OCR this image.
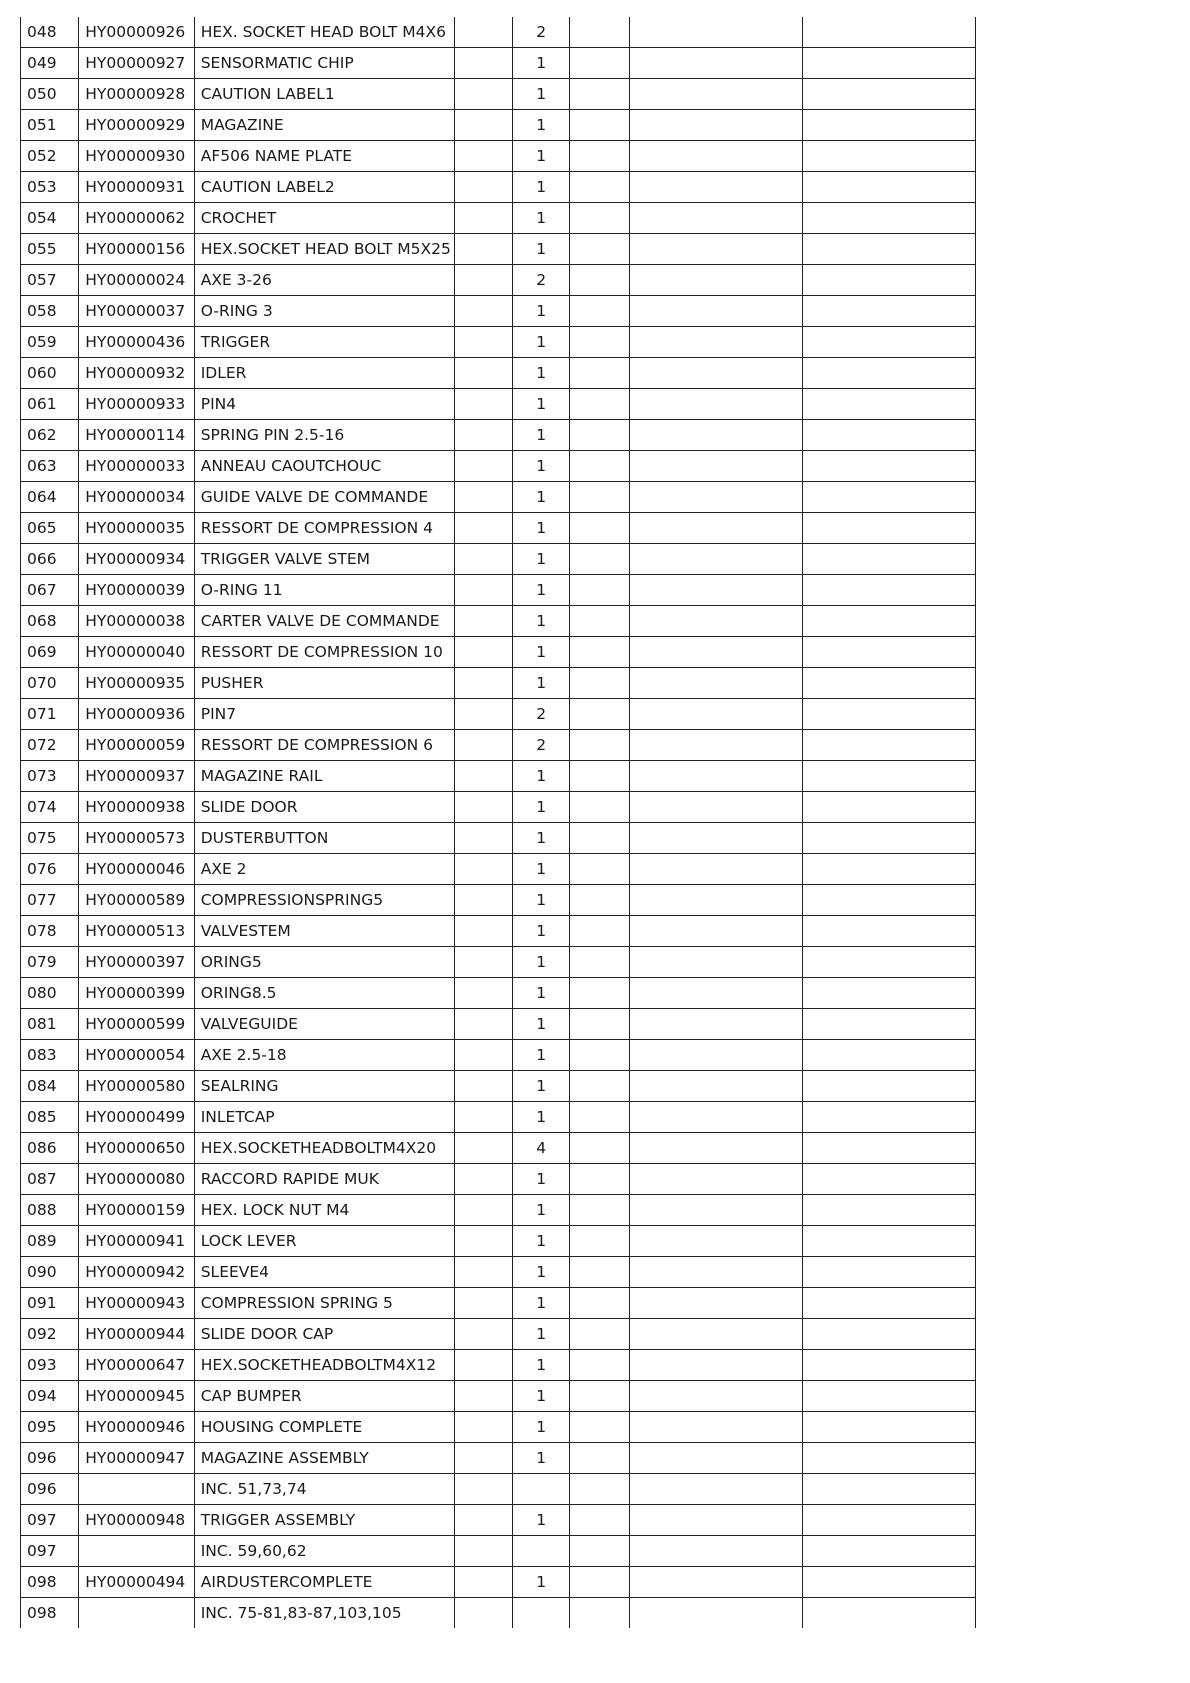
048	HY00000926	HEX. SOCKET HEAD BOLT M4X6		2			
049	HY00000927	SENSORMATIC CHIP		1			
050	HY00000928	CAUTION LABEL1		1			
051	HY00000929	MAGAZINE		1			
052	HY00000930	AF506 NAME PLATE		1			
053	HY00000931	CAUTION LABEL2		1			
054	HY00000062	CROCHET		1			
055	HY00000156	HEX.SOCKET HEAD BOLT M5X25		1			
057	HY00000024	AXE 3-26		2			
058	HY00000037	O-RING 3		1			
059	HY00000436	TRIGGER		1			
060	HY00000932	IDLER		1			
061	HY00000933	PIN4		1			
062	HY00000114	SPRING PIN 2.5-16		1			
063	HY00000033	ANNEAU CAOUTCHOUC		1			
064	HY00000034	GUIDE VALVE DE COMMANDE		1			
065	HY00000035	RESSORT DE COMPRESSION 4		1			
066	HY00000934	TRIGGER VALVE STEM		1			
067	HY00000039	O-RING 11		1			
068	HY00000038	CARTER VALVE DE COMMANDE		1			
069	HY00000040	RESSORT DE COMPRESSION 10		1			
070	HY00000935	PUSHER		1			
071	HY00000936	PIN7		2			
072	HY00000059	RESSORT DE COMPRESSION 6		2			
073	HY00000937	MAGAZINE RAIL		1			
074	HY00000938	SLIDE DOOR		1			
075	HY00000573	DUSTERBUTTON		1			
076	HY00000046	AXE 2		1			
077	HY00000589	COMPRESSIONSPRING5		1			
078	HY00000513	VALVESTEM		1			
079	HY00000397	ORING5		1			
080	HY00000399	ORING8.5		1			
081	HY00000599	VALVEGUIDE		1			
083	HY00000054	AXE 2.5-18		1			
084	HY00000580	SEALRING		1			
085	HY00000499	INLETCAP		1			
086	HY00000650	HEX.SOCKETHEADBOLTM4X20		4			
087	HY00000080	RACCORD RAPIDE MUK		1			
088	HY00000159	HEX. LOCK NUT M4		1			
089	HY00000941	LOCK LEVER		1			
090	HY00000942	SLEEVE4		1			
091	HY00000943	COMPRESSION SPRING 5		1			
092	HY00000944	SLIDE DOOR CAP		1			
093	HY00000647	HEX.SOCKETHEADBOLTM4X12		1			
094	HY00000945	CAP BUMPER		1			
095	HY00000946	HOUSING COMPLETE		1			
096	HY00000947	MAGAZINE ASSEMBLY		1			
096		INC. 51,73,74					
097	HY00000948	TRIGGER ASSEMBLY		1			
097		INC. 59,60,62					
098	HY00000494	AIRDUSTERCOMPLETE		1			
098		INC. 75-81,83-87,103,105					
